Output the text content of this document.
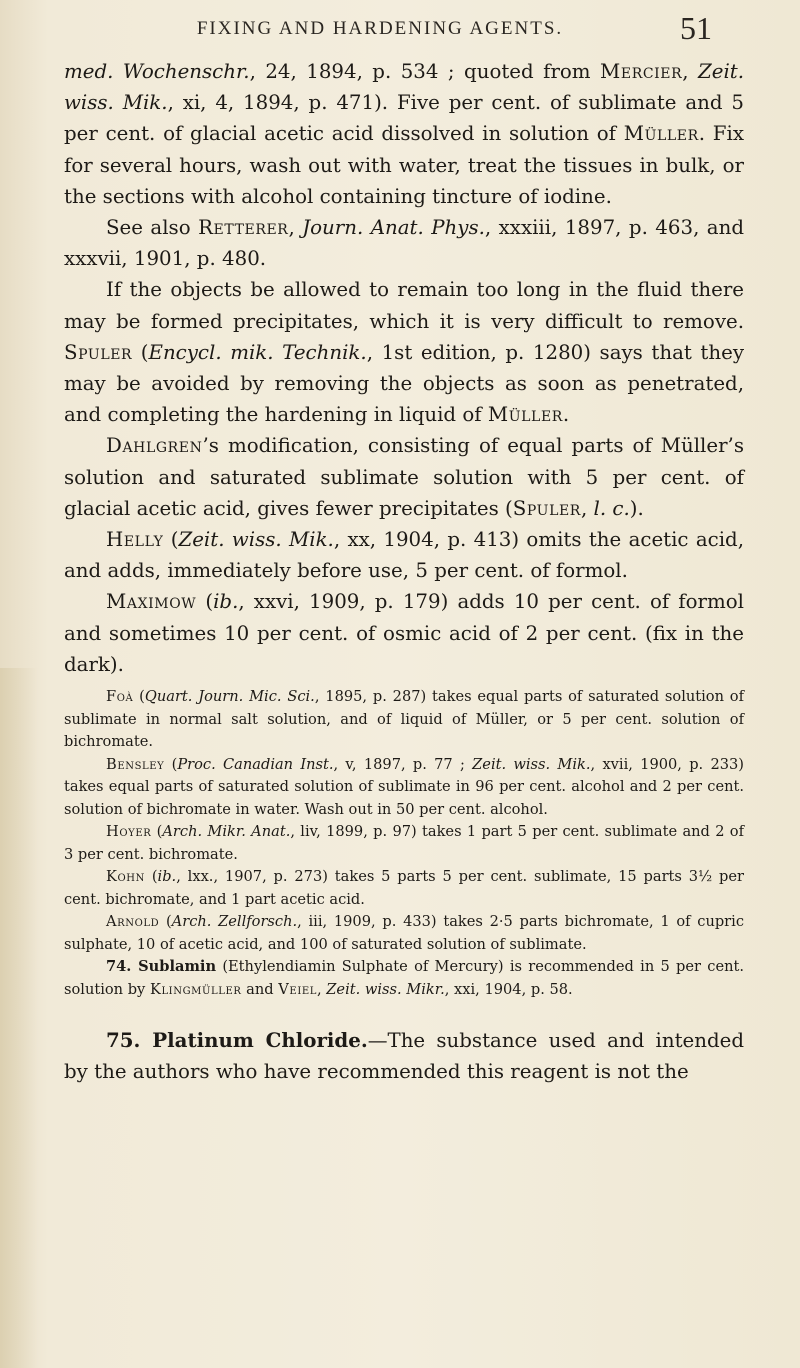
FIXING AND HARDENING AGENTS.	51

med. Wochenschr., 24, 1894, p. 534 ; quoted from Mercier, Zeit. wiss. Mik., xi, 4, 1894, p. 471). Five per cent. of sublimate and 5 per cent. of glacial acetic acid dissolved in solution of Müller. Fix for several hours, wash out with water, treat the tissues in bulk, or the sections with alcohol containing tincture of iodine.

See also Retterer, Journ. Anat. Phys., xxxiii, 1897, p. 463, and xxxvii, 1901, p. 480.

If the objects be allowed to remain too long in the fluid there may be formed precipitates, which it is very difficult to remove. Spuler (Encycl. mik. Technik., 1st edition, p. 1280) says that they may be avoided by removing the objects as soon as penetrated, and completing the hardening in liquid of Müller.

Dahlgren’s modification, consisting of equal parts of Müller’s solution and saturated sublimate solution with 5 per cent. of glacial acetic acid, gives fewer precipitates (Spuler, l. c.).

Helly (Zeit. wiss. Mik., xx, 1904, p. 413) omits the acetic acid, and adds, immediately before use, 5 per cent. of formol.

Maximow (ib., xxvi, 1909, p. 179) adds 10 per cent. of formol and sometimes 10 per cent. of osmic acid of 2 per cent. (fix in the dark).

Foà (Quart. Journ. Mic. Sci., 1895, p. 287) takes equal parts of saturated solution of sublimate in normal salt solution, and of liquid of Müller, or 5 per cent. solution of bichromate.

Bensley (Proc. Canadian Inst., v, 1897, p. 77 ; Zeit. wiss. Mik., xvii, 1900, p. 233) takes equal parts of saturated solution of sublimate in 96 per cent. alcohol and 2 per cent. solution of bichromate in water. Wash out in 50 per cent. alcohol.

Hoyer (Arch. Mikr. Anat., liv, 1899, p. 97) takes 1 part 5 per cent. sublimate and 2 of 3 per cent. bichromate.

Kohn (ib., lxx., 1907, p. 273) takes 5 parts 5 per cent. sublimate, 15 parts 3½ per cent. bichromate, and 1 part acetic acid.

Arnold (Arch. Zellforsch., iii, 1909, p. 433) takes 2·5 parts bichromate, 1 of cupric sulphate, 10 of acetic acid, and 100 of saturated solution of sublimate.

74. Sublamin (Ethylendiamin Sulphate of Mercury) is recommended in 5 per cent. solution by Klingmüller and Veiel, Zeit. wiss. Mikr., xxi, 1904, p. 58.

75. Platinum Chloride.—The substance used and intended by the authors who have recommended this reagent is not the
